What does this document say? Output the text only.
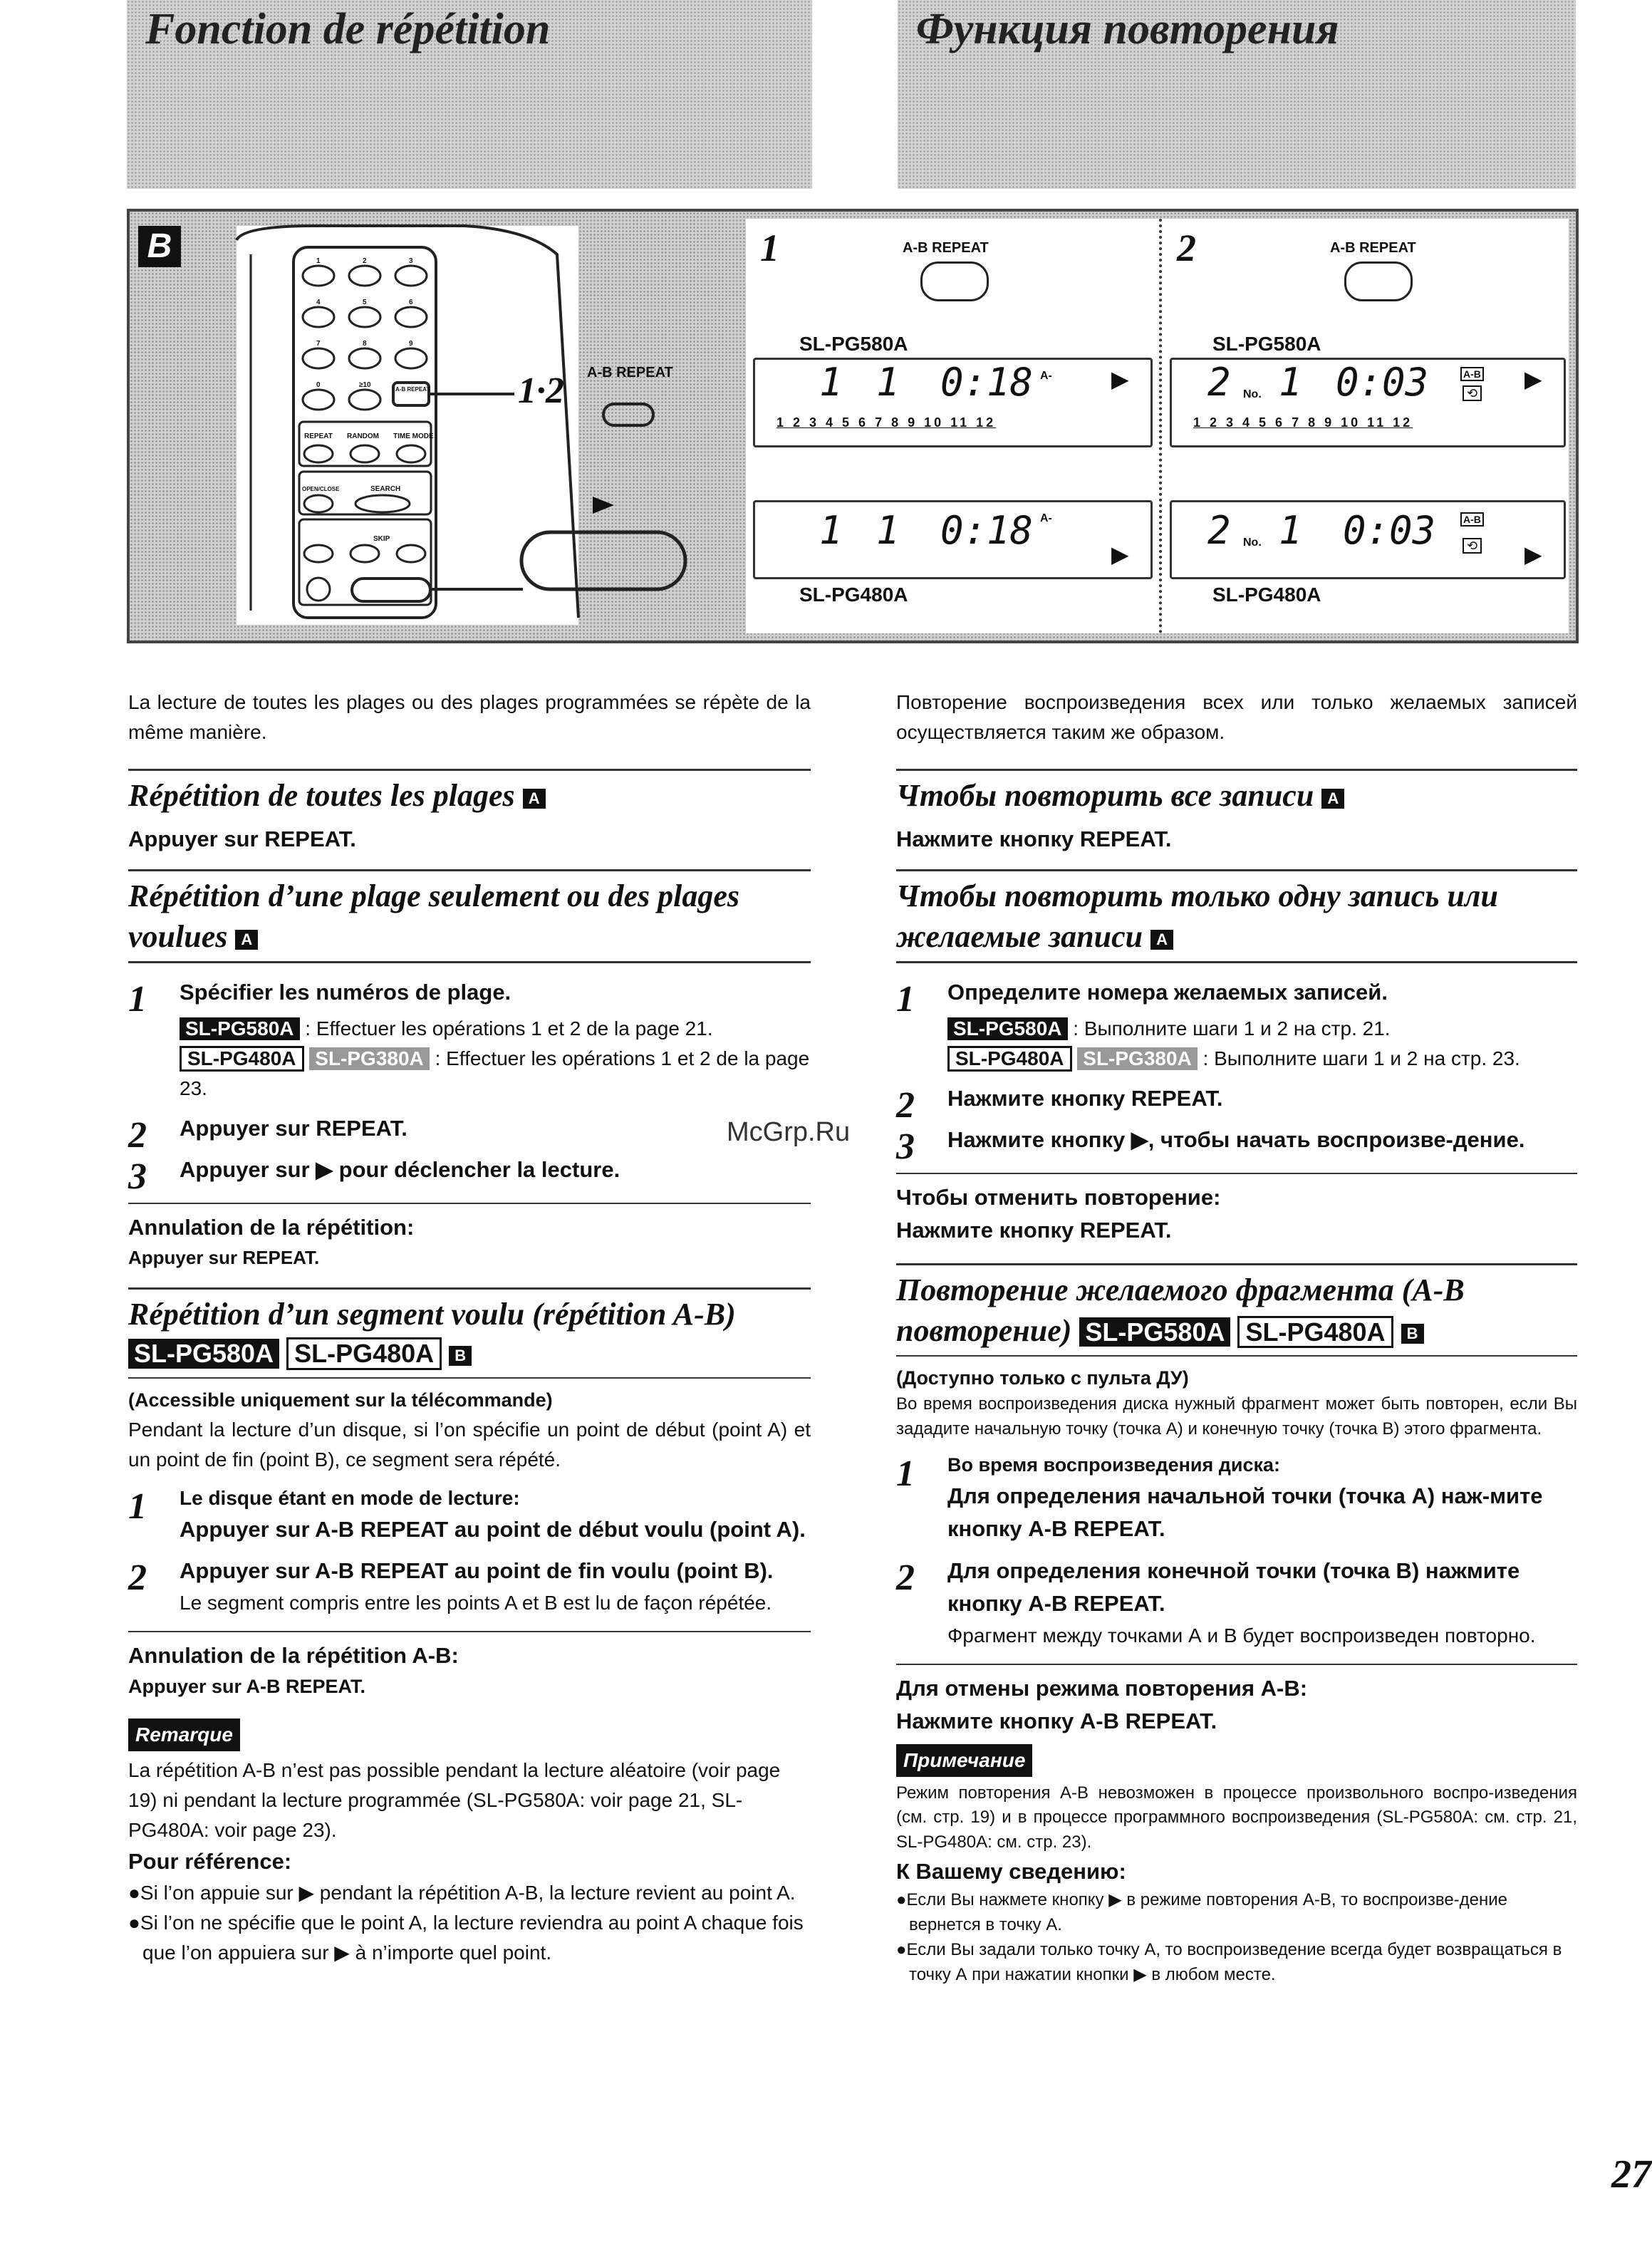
Fonction de répétition	Функция повторения
B	1	2	3
4	5	6
7	8	9
0	≥10
A-B REPEAT
REPEAT RANDOM TIME MODE
OPEN/CLOSE	SEARCH
SKIP
1·2 A-B REPEAT
1	A-B REPEAT
SL-PG580A
1 1 0:18 A-	▶
1 2 3 4 5 6 7 8 9 10 11 12
1 1 0:18 A-
▶
SL-PG480A
2	A-B REPEAT
SL-PG580A
2 No. 1 0:03	A-B
⟲
▶
1 2 3 4 5 6 7 8 9 10 11 12
2 No. 1 0:03	A-B
⟲ ▶
SL-PG480A

La lecture de toutes les plages ou des plages programmées se répète de la même manière.

Répétition de toutes les plages A

Appuyer sur REPEAT.

Répétition d’une plage seulement ou des plages voulues A

1 Spécifier les numéros de plage.
SL-PG580A : Effectuer les opérations 1 et 2 de la page 21.
SL-PG480A SL-PG380A : Effectuer les opérations 1 et 2 de la page 23.
2 Appuyer sur REPEAT.
3 Appuyer sur ▶ pour déclencher la lecture.
Annulation de la répétition:
Appuyer sur REPEAT.

Répétition d’un segment voulu (répétition A-B)

SL-PG580A SL-PG480A B
(Accessible uniquement sur la télécommande)

Pendant la lecture d’un disque, si l’on spécifie un point de début (point A) et un point de fin (point B), ce segment sera répété.

1 Le disque étant en mode de lecture:
Appuyer sur A-B REPEAT au point de début voulu (point A).
2 Appuyer sur A-B REPEAT au point de fin voulu (point B).
Le segment compris entre les points A et B est lu de façon répétée.
Annulation de la répétition A-B:
Appuyer sur A-B REPEAT.
Remarque

La répétition A-B n’est pas possible pendant la lecture aléatoire (voir page 19) ni pendant la lecture programmée (SL-PG580A: voir page 21, SL-PG480A: voir page 23).

Pour référence:
●Si l’on appuie sur ▶ pendant la répétition A-B, la lecture revient au point A.
●Si l’on ne spécifie que le point A, la lecture reviendra au point A chaque fois que l’on appuiera sur ▶ à n’importe quel point.

Повторение воспроизведения всех или только желаемых записей осуществляется таким же образом.

Чтобы повторить все записи A

Нажмите кнопку REPEAT.

Чтобы повторить только одну запись или желаемые записи A

1 Определите номера желаемых записей.
SL-PG580A : Выполните шаги 1 и 2 на стр. 21.
SL-PG480A SL-PG380A : Выполните шаги 1 и 2 на стр. 23.
2 Нажмите кнопку REPEAT.
3 Нажмите кнопку ▶, чтобы начать воспроизве-дение.
Чтобы отменить повторение:
Нажмите кнопку REPEAT.

Повторение желаемого фрагмента (A-B повторение) SL-PG580A SL-PG480A B

(Доступно только с пульта ДУ)

Во время воспроизведения диска нужный фрагмент может быть повторен, если Вы зададите начальную точку (точка А) и конечную точку (точка В) этого фрагмента.

1 Во время воспроизведения диска:
Для определения начальной точки (точка А) наж-мите кнопку A-B REPEAT.
2 Для определения конечной точки (точка В) нажмите кнопку A-B REPEAT.
Фрагмент между точками А и В будет воспроизведен повторно.
Для отмены режима повторения A-B:
Нажмите кнопку A-B REPEAT.
Примечание

Режим повторения A-B невозможен в процессе произвольного воспро-изведения (см. стр. 19) и в процессе программного воспроизведения (SL-PG580A: см. стр. 21, SL-PG480A: см. стр. 23).

К Вашему сведению:
●Если Вы нажмете кнопку ▶ в режиме повторения A-B, то воспроизве-дение вернется в точку А.
●Если Вы задали только точку А, то воспроизведение всегда будет возвращаться в точку А при нажатии кнопки ▶ в любом месте.
McGrp.Ru
27
